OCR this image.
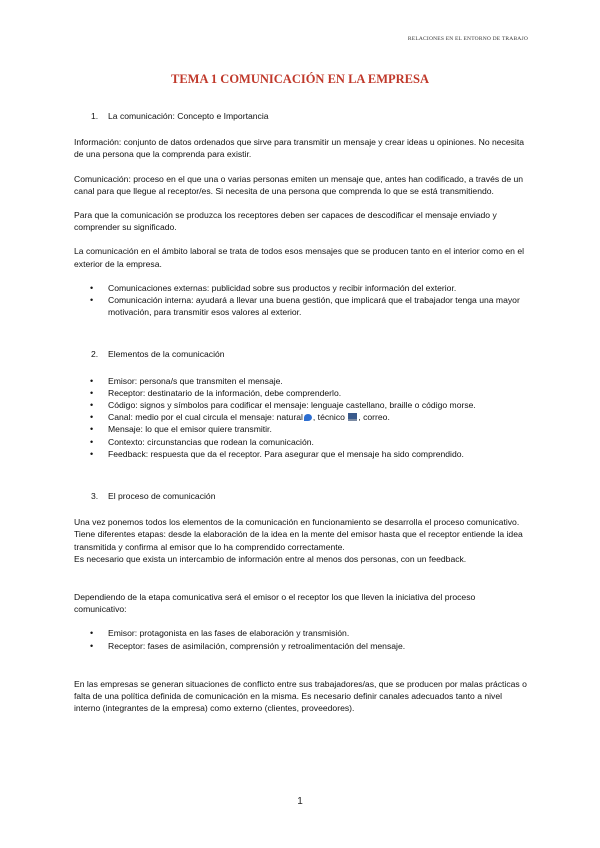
RELACIONES EN EL ENTORNO DE TRABAJO
TEMA 1 COMUNICACIÓN EN LA EMPRESA
1.	La comunicación: Concepto e Importancia

Información: conjunto de datos ordenados que sirve para transmitir un mensaje y crear ideas u opiniones. No necesita de una persona que la comprenda para existir.

Comunicación: proceso en el que una o varias personas emiten un mensaje que, antes han codificado, a través de un canal para que llegue al receptor/es. Si necesita de una persona que comprenda lo que se está transmitiendo.

Para que la comunicación se produzca los receptores deben ser capaces de descodificar el mensaje enviado y comprender su significado.

La comunicación en el ámbito laboral se trata de todos esos mensajes que se producen tanto en el interior como en el exterior de la empresa.

• Comunicaciones externas: publicidad sobre sus productos y recibir información del exterior.
• Comunicación interna: ayudará a llevar una buena gestión, que implicará que el trabajador tenga una mayor motivación, para transmitir esos valores al exterior.
2.	Elementos de la comunicación
• Emisor: persona/s que transmiten el mensaje.
• Receptor: destinatario de la información, debe comprenderlo.
• Código: signos y símbolos para codificar el mensaje: lenguaje castellano, braille o código morse.
• Canal: medio por el cual circula el mensaje: natural , técnico , correo.
• Mensaje: lo que el emisor quiere transmitir.
• Contexto: circunstancias que rodean la comunicación.
• Feedback: respuesta que da el receptor. Para asegurar que el mensaje ha sido comprendido.
3.	El proceso de comunicación

Una vez ponemos todos los elementos de la comunicación en funcionamiento se desarrolla el proceso comunicativo.

Tiene diferentes etapas: desde la elaboración de la idea en la mente del emisor hasta que el receptor entiende la idea transmitida y confirma al emisor que lo ha comprendido correctamente.

Es necesario que exista un intercambio de información entre al menos dos personas, con un feedback.

Dependiendo de la etapa comunicativa será el emisor o el receptor los que lleven la iniciativa del proceso comunicativo:

• Emisor: protagonista en las fases de elaboración y transmisión.
• Receptor: fases de asimilación, comprensión y retroalimentación del mensaje.

En las empresas se generan situaciones de conflicto entre sus trabajadores/as, que se producen por malas prácticas o falta de una política definida de comunicación en la misma. Es necesario definir canales adecuados tanto a nivel interno (integrantes de la empresa) como externo (clientes, proveedores).

1
